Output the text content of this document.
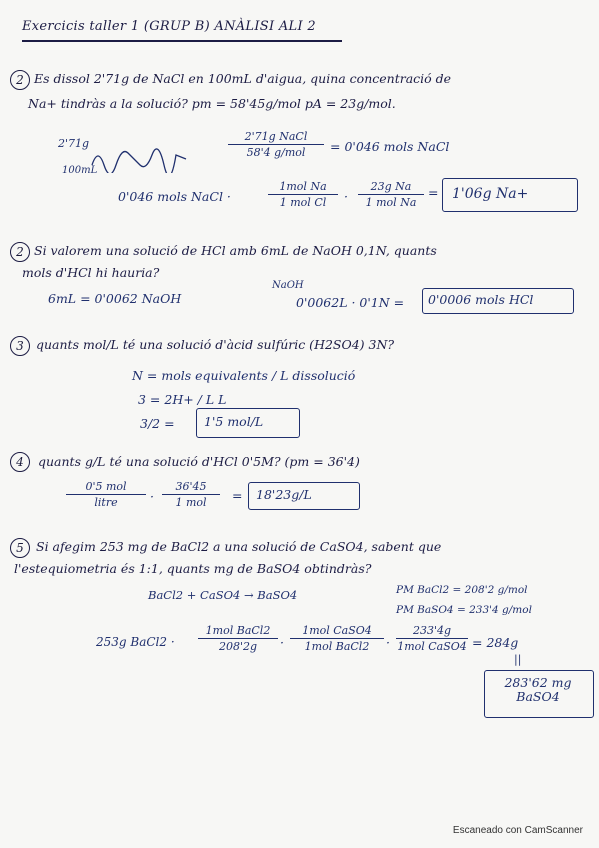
Exercicis taller 1 (GRUP B) ANÀLISI ALI 2
2 Es dissol 2'71g de NaCl en 100mL d'aigua, quina concentració de
Na+ tindràs a la solució? pm = 58'45g/mol pA = 23g/mol.
2'71g
100mL
2'71g NaCl
58'4 g/mol	= 0'046 mols NaCl
0'046 mols NaCl ·
1mol Na
1 mol Cl	·
23g Na
1 mol Na
= 1'06g Na+
2 Si valorem una solució de HCl amb 6mL de NaOH 0,1N, quants
mols d'HCl hi hauria?
6mL = 0'0062 NaOH
NaOH
0'0062L · 0'1N = 0'0006 mols HCl
3 quants mol/L té una solució d'àcid sulfúric (H2SO4) 3N?
N = mols equivalents / L dissolució
3 = 2H+ / L L
3/2 = 1'5 mol/L
4	quants g/L té una solució d'HCl 0'5M? (pm = 36'4)
0'5 mol
litre	·
36'45
1 mol	= 18'23g/L
5 Si afegim 253 mg de BaCl2 a una solució de CaSO4, sabent que
l'estequiometria és 1:1, quants mg de BaSO4 obtindràs?
BaCl2 + CaSO4 → BaSO4	PM BaCl2 = 208'2 g/mol
PM BaSO4 = 233'4 g/mol
253g BaCl2 ·
1mol BaCl2
208'2g	·
1mol CaSO4
1mol BaCl2	·
233'4g
1mol CaSO4 = 284g
||
283'62 mg BaSO4
Escaneado con CamScanner
